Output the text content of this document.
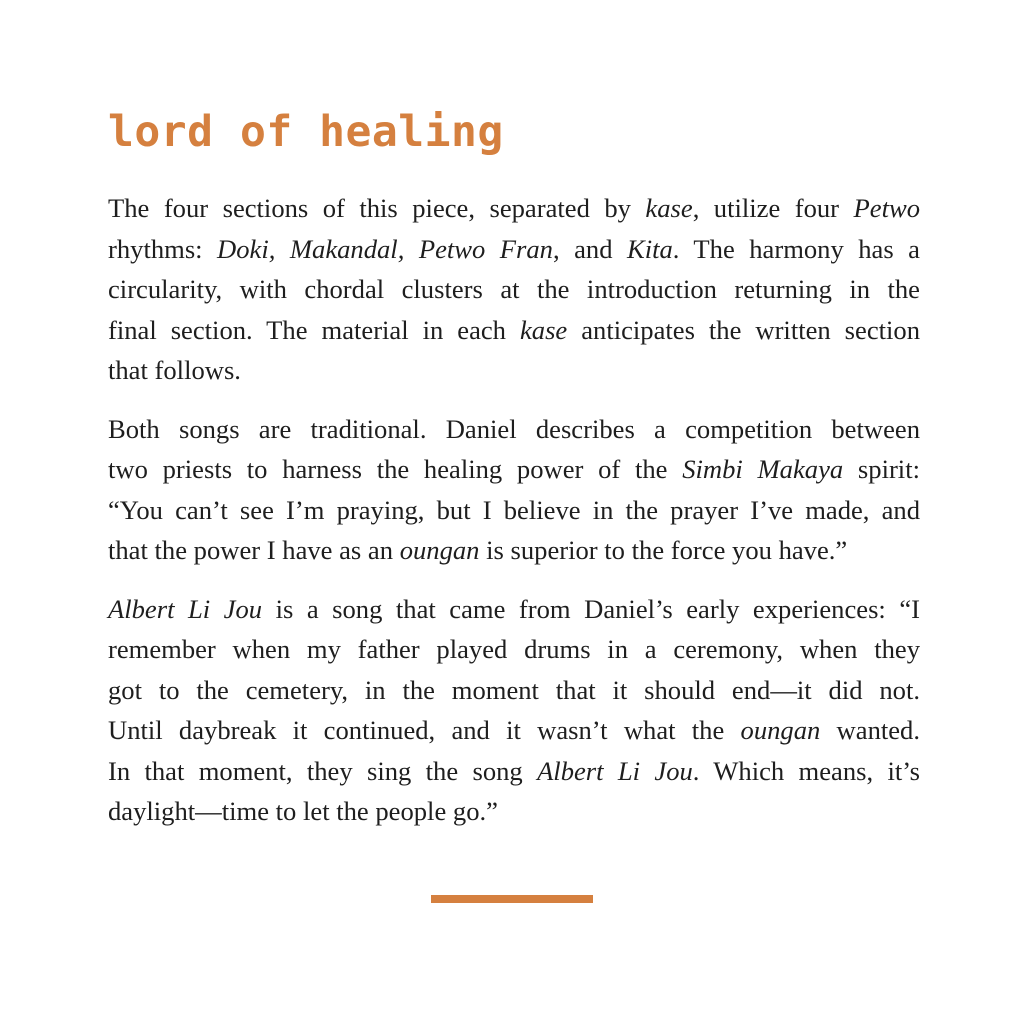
lord of healing

The four sections of this piece, separated by kase, utilize four Petwo
rhythms: Doki, Makandal, Petwo Fran, and Kita. The harmony has a
circularity, with chordal clusters at the introduction returning in the
final section. The material in each kase anticipates the written section
that follows.

Both songs are traditional. Daniel describes a competition between
two priests to harness the healing power of the Simbi Makaya spirit:
“You can’t see I’m praying, but I believe in the prayer I’ve made, and
that the power I have as an oungan is superior to the force you have.”

Albert Li Jou is a song that came from Daniel’s early experiences: “I
remember when my father played drums in a ceremony, when they
got to the cemetery, in the moment that it should end—it did not.
Until daybreak it continued, and it wasn’t what the oungan wanted.
In that moment, they sing the song Albert Li Jou. Which means, it’s
daylight—time to let the people go.”
